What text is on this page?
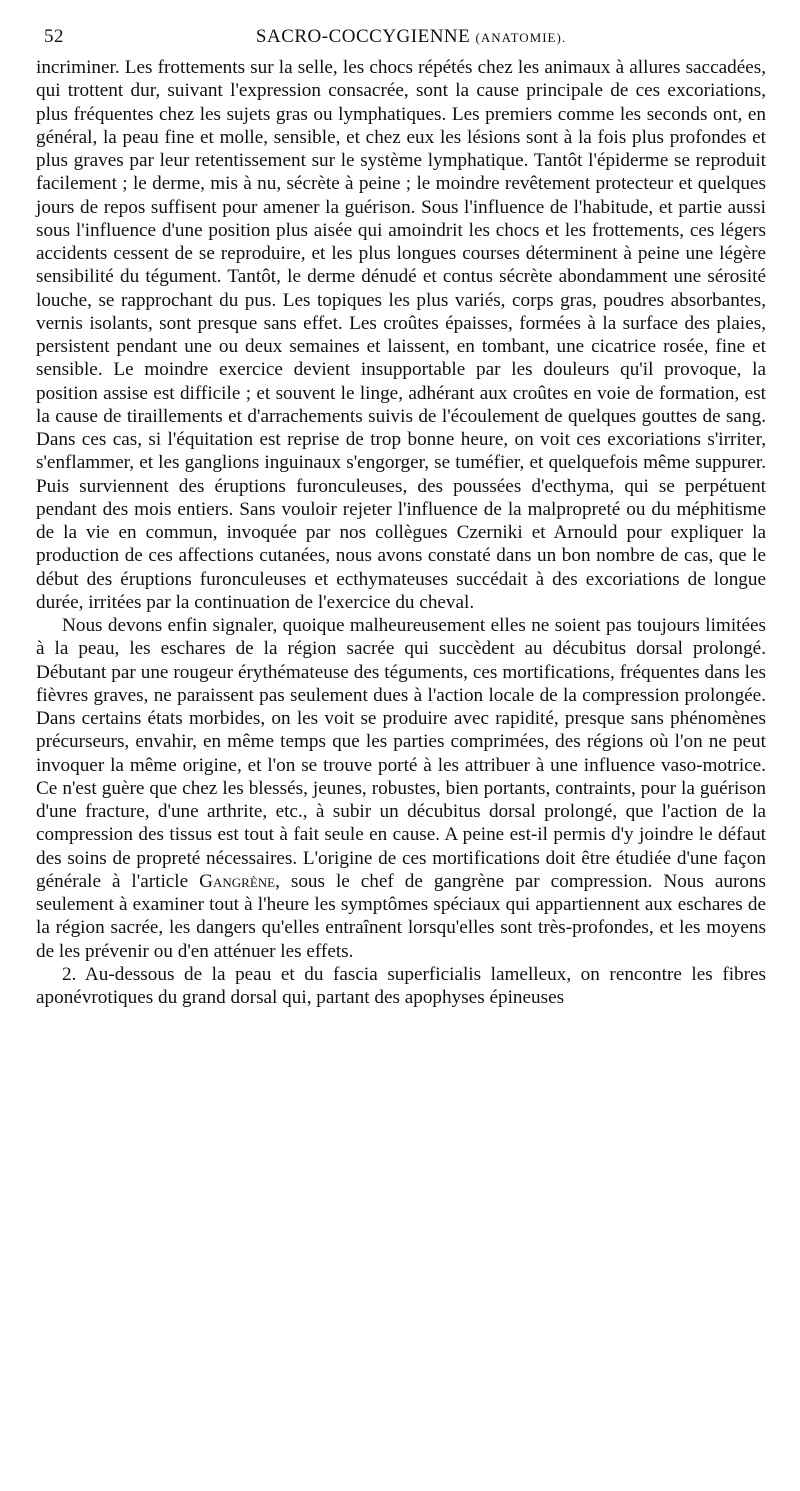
52	SACRO-COCCYGIENNE (ANATOMIE).

incriminer. Les frottements sur la selle, les chocs répétés chez les animaux à allures saccadées, qui trottent dur, suivant l'expression consacrée, sont la cause principale de ces excoriations, plus fréquentes chez les sujets gras ou lymphatiques. Les premiers comme les seconds ont, en général, la peau fine et molle, sensible, et chez eux les lésions sont à la fois plus profondes et plus graves par leur retentissement sur le système lymphatique. Tantôt l'épiderme se reproduit facilement ; le derme, mis à nu, sécrète à peine ; le moindre revêtement protecteur et quelques jours de repos suffisent pour amener la guérison. Sous l'influence de l'habitude, et partie aussi sous l'influence d'une position plus aisée qui amoindrit les chocs et les frottements, ces légers accidents cessent de se reproduire, et les plus longues courses déterminent à peine une légère sensibilité du tégument. Tantôt, le derme dénudé et contus sécrète abondamment une sérosité louche, se rapprochant du pus. Les topiques les plus variés, corps gras, poudres absorbantes, vernis isolants, sont presque sans effet. Les croûtes épaisses, formées à la surface des plaies, persistent pendant une ou deux semaines et laissent, en tombant, une cicatrice rosée, fine et sensible. Le moindre exercice devient insupportable par les douleurs qu'il provoque, la position assise est difficile ; et souvent le linge, adhérant aux croûtes en voie de formation, est la cause de tiraillements et d'arrachements suivis de l'écoulement de quelques gouttes de sang. Dans ces cas, si l'équitation est reprise de trop bonne heure, on voit ces excoriations s'irriter, s'enflammer, et les ganglions inguinaux s'engorger, se tuméfier, et quelquefois même suppurer. Puis surviennent des éruptions furonculeuses, des poussées d'ecthyma, qui se perpétuent pendant des mois entiers. Sans vouloir rejeter l'influence de la malpropreté ou du méphitisme de la vie en commun, invoquée par nos collègues Czerniki et Arnould pour expliquer la production de ces affections cutanées, nous avons constaté dans un bon nombre de cas, que le début des éruptions furonculeuses et ecthymateuses succédait à des excoriations de longue durée, irritées par la continuation de l'exercice du cheval.

Nous devons enfin signaler, quoique malheureusement elles ne soient pas toujours limitées à la peau, les eschares de la région sacrée qui succèdent au décubitus dorsal prolongé. Débutant par une rougeur érythémateuse des téguments, ces mortifications, fréquentes dans les fièvres graves, ne paraissent pas seulement dues à l'action locale de la compression prolongée. Dans certains états morbides, on les voit se produire avec rapidité, presque sans phénomènes précurseurs, envahir, en même temps que les parties comprimées, des régions où l'on ne peut invoquer la même origine, et l'on se trouve porté à les attribuer à une influence vaso-motrice. Ce n'est guère que chez les blessés, jeunes, robustes, bien portants, contraints, pour la guérison d'une fracture, d'une arthrite, etc., à subir un décubitus dorsal prolongé, que l'action de la compression des tissus est tout à fait seule en cause. A peine est-il permis d'y joindre le défaut des soins de propreté nécessaires. L'origine de ces mortifications doit être étudiée d'une façon générale à l'article Gangrène, sous le chef de gangrène par compression. Nous aurons seulement à examiner tout à l'heure les symptômes spéciaux qui appartiennent aux eschares de la région sacrée, les dangers qu'elles entraînent lorsqu'elles sont très-profondes, et les moyens de les prévenir ou d'en atténuer les effets.

2. Au-dessous de la peau et du fascia superficialis lamelleux, on rencontre les fibres aponévrotiques du grand dorsal qui, partant des apophyses épineuses
